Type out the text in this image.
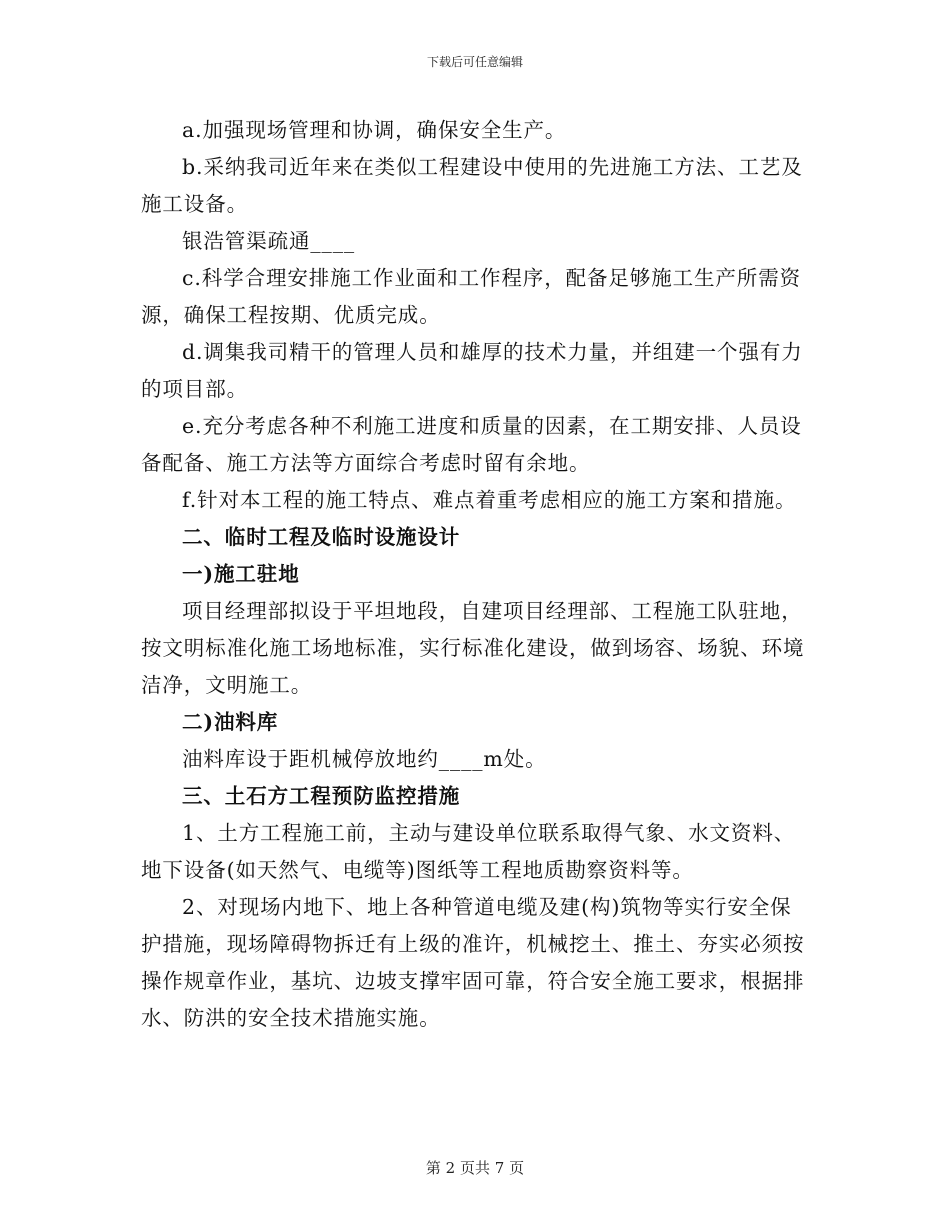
下载后可任意编辑

a.加强现场管理和协调，确保安全生产。

b.采纳我司近年来在类似工程建设中使用的先进施工方法、工艺及施工设备。

银浩管渠疏通____

c.科学合理安排施工作业面和工作程序，配备足够施工生产所需资源，确保工程按期、优质完成。

d.调集我司精干的管理人员和雄厚的技术力量，并组建一个强有力的项目部。

e.充分考虑各种不利施工进度和质量的因素，在工期安排、人员设备配备、施工方法等方面综合考虑时留有余地。

f.针对本工程的施工特点、难点着重考虑相应的施工方案和措施。

二、临时工程及临时设施设计

一)施工驻地

项目经理部拟设于平坦地段，自建项目经理部、工程施工队驻地，按文明标准化施工场地标准，实行标准化建设，做到场容、场貌、环境洁净，文明施工。

二)油料库

油料库设于距机械停放地约____m处。

三、土石方工程预防监控措施

1、土方工程施工前，主动与建设单位联系取得气象、水文资料、地下设备(如天然气、电缆等)图纸等工程地质勘察资料等。

2、对现场内地下、地上各种管道电缆及建(构)筑物等实行安全保护措施，现场障碍物拆迁有上级的准许，机械挖土、推土、夯实必须按操作规章作业，基坑、边坡支撑牢固可靠，符合安全施工要求，根据排水、防洪的安全技术措施实施。

第 2 页共 7 页
